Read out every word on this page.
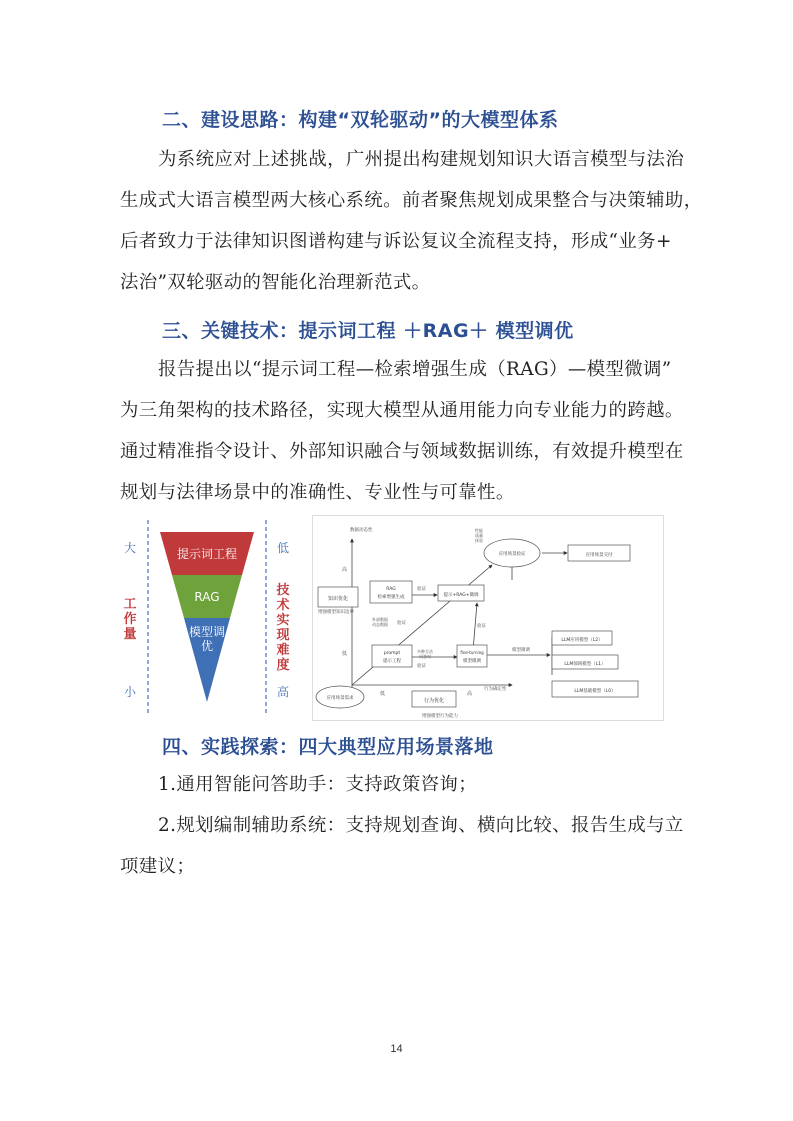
二、建设思路：构建“双轮驱动”的大模型体系

为系统应对上述挑战，广州提出构建规划知识大语言模型与法治
生成式大语言模型两大核心系统。前者聚焦规划成果整合与决策辅助，
后者致力于法律知识图谱构建与诉讼复议全流程支持，形成“业务+
法治”双轮驱动的智能化治理新范式。

三、关键技术：提示词工程 ＋RAG＋ 模型调优

报告提出以“提示词工程—检索增强生成（RAG）—模型微调”
为三角架构的技术路径，实现大模型从通用能力向专业能力的跨越。
通过精准指令设计、外部知识融合与领域数据训练，有效提升模型在
规划与法律场景中的准确性、专业性与可靠性。

大
小
工作量
低
高
技术实现难度
提示词工程
RAG
模型调优
数据动态性
高
低
低	高
行为确定性
增强模型行为能力
增强模型知识边界
知识优化
RAG
检索增强生成	提示+RAG+微调
prompt
提示工程
fine-turning
模型微调
行为优化
应用场景验证	应用场景交付
应用场景需求
LLM应用模型（L2）
LLM领域模型（L1）
LLM基础模型（L0）
性能
质量
体验
验证
验证
验证
验证
外部数据
动态数据
多种方法
问答对
模型微调
四、实践探索：四大典型应用场景落地

1.通用智能问答助手：支持政策咨询；
2.规划编制辅助系统：支持规划查询、横向比较、报告生成与立
项建议；

14
